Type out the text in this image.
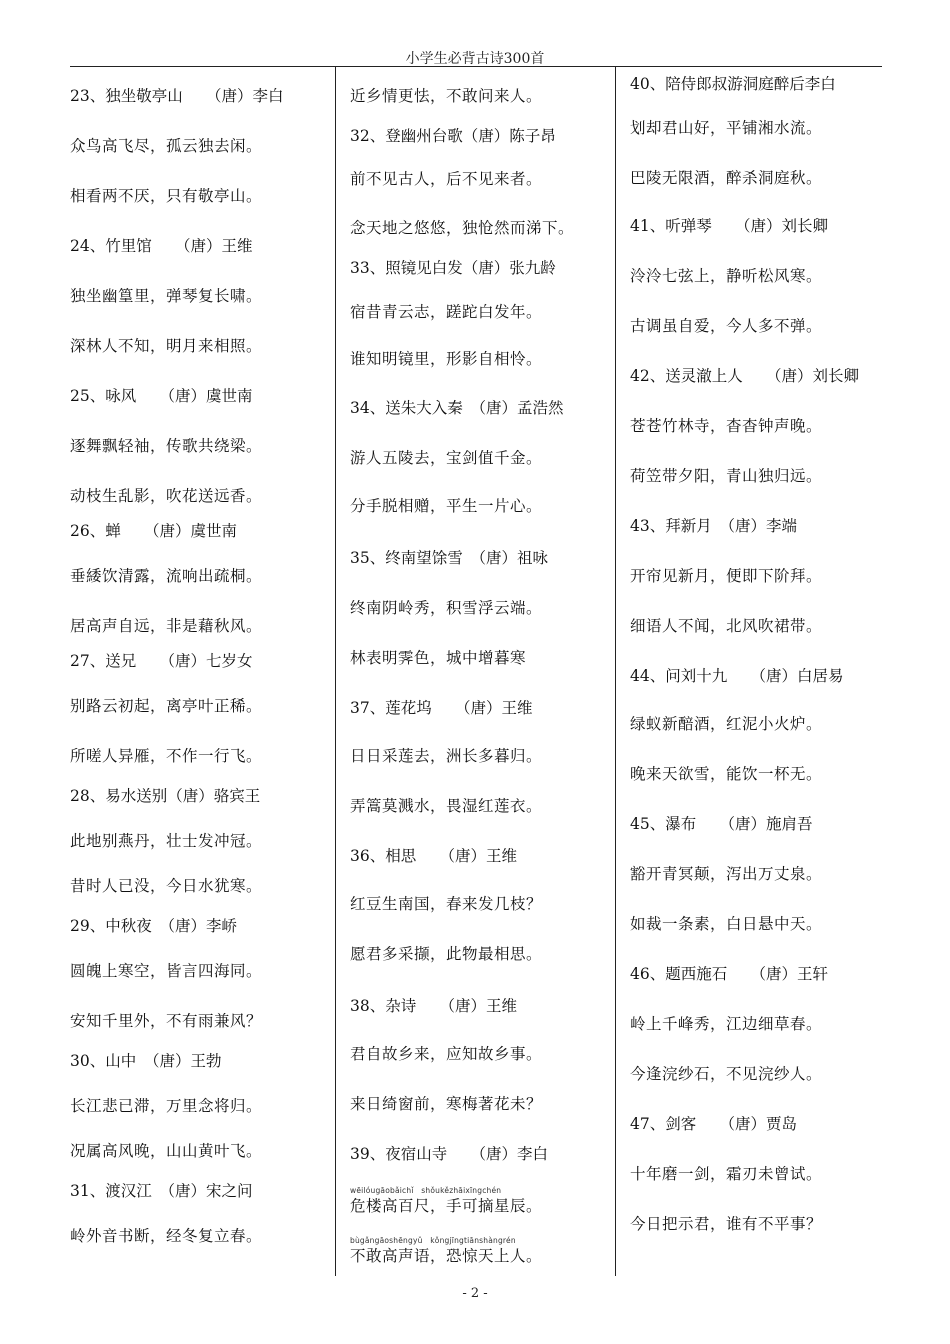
小学生必背古诗300首
23、独坐敬亭山　　（唐）李白
众鸟高飞尽，孤云独去闲。
相看两不厌，只有敬亭山。
24、竹里馆　　（唐）王维
独坐幽篁里，弹琴复长啸。
深林人不知，明月来相照。
25、咏风　　（唐）虞世南
逐舞飘轻袖，传歌共绕梁。
动枝生乱影，吹花送远香。
26、蝉　　（唐）虞世南
垂緌饮清露，流响出疏桐。
居高声自远，非是藉秋风。
27、送兄　　（唐）七岁女
别路云初起，离亭叶正稀。
所嗟人异雁，不作一行飞。
28、易水送别（唐）骆宾王
此地别燕丹，壮士发冲冠。
昔时人已没，今日水犹寒。
29、中秋夜　（唐）李峤
圆魄上寒空，皆言四海同。
安知千里外，不有雨兼风？
30、山中　（唐）王勃
长江悲已滞，万里念将归。
况属高风晚，山山黄叶飞。
31、渡汉江　（唐）宋之问
岭外音书断，经冬复立春。
近乡情更怯，不敢问来人。
32、登幽州台歌（唐）陈子昂
前不见古人，后不见来者。
念天地之悠悠，独怆然而涕下。
33、照镜见白发（唐）张九龄
宿昔青云志，蹉跎白发年。
谁知明镜里，形影自相怜。
34、送朱大入秦　（唐）孟浩然
游人五陵去，宝剑值千金。
分手脱相赠，平生一片心。
35、终南望馀雪　（唐）祖咏
终南阴岭秀，积雪浮云端。
林表明霁色，城中增暮寒
37、莲花坞　　（唐）王维
日日采莲去，洲长多暮归。
弄篙莫溅水，畏湿红莲衣。
36、相思　　（唐）王维
红豆生南国，春来发几枝？
愿君多采撷，此物最相思。
38、杂诗　　（唐）王维
君自故乡来，应知故乡事。
来日绮窗前，寒梅著花未？
39、夜宿山寺　　（唐）李白
wēilóugāobǎichǐ　shǒukězhāixīngchén
危楼高百尺，手可摘星辰。
bùgǎngāoshēngyǔ　kǒngjīngtiānshàngrén
不敢高声语，恐惊天上人。
40、陪侍郎叔游洞庭醉后李白
划却君山好，平铺湘水流。
巴陵无限酒，醉杀洞庭秋。
41、听弹琴　　（唐）刘长卿
泠泠七弦上，静听松风寒。
古调虽自爱，今人多不弹。
42、送灵澈上人　　（唐）刘长卿
苍苍竹林寺，杳杳钟声晚。
荷笠带夕阳，青山独归远。
43、拜新月　（唐）李端
开帘见新月，便即下阶拜。
细语人不闻，北风吹裙带。
44、问刘十九　　（唐）白居易
绿蚁新醅酒，红泥小火炉。
晚来天欲雪，能饮一杯无。
45、瀑布　　（唐）施肩吾
豁开青冥颠，泻出万丈泉。
如裁一条素，白日悬中天。
46、题西施石　　（唐）王轩
岭上千峰秀，江边细草春。
今逢浣纱石，不见浣纱人。
47、剑客　　（唐）贾岛
十年磨一剑，霜刃未曾试。
今日把示君，谁有不平事？
- 2 -
